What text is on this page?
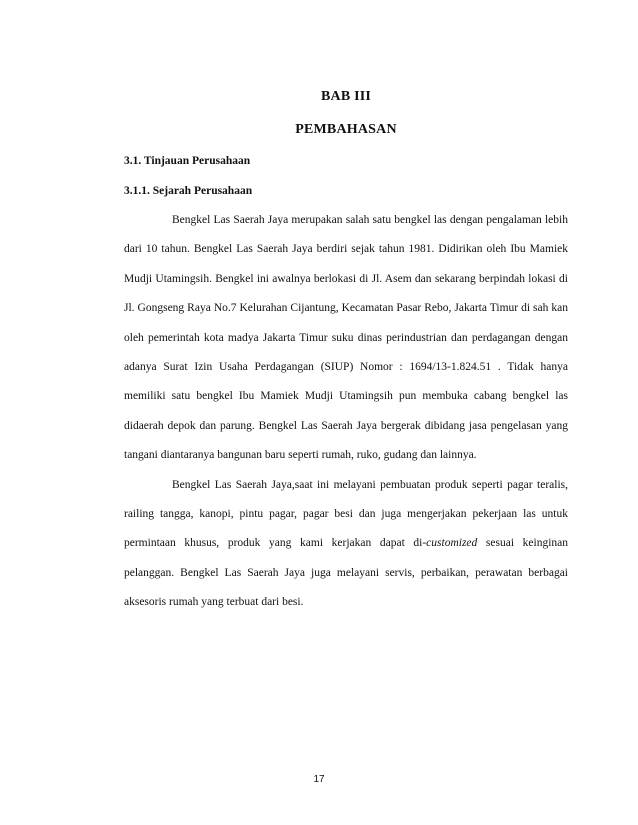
BAB III
PEMBAHASAN
3.1. Tinjauan Perusahaan
3.1.1. Sejarah Perusahaan

Bengkel Las Saerah Jaya merupakan salah satu bengkel las dengan pengalaman lebih dari 10 tahun. Bengkel Las Saerah Jaya berdiri sejak tahun 1981. Didirikan oleh Ibu Mamiek Mudji Utamingsih. Bengkel ini awalnya berlokasi di Jl. Asem dan sekarang berpindah lokasi di Jl. Gongseng Raya No.7 Kelurahan Cijantung, Kecamatan Pasar Rebo, Jakarta Timur di sah kan oleh pemerintah kota madya Jakarta Timur suku dinas perindustrian dan perdagangan dengan adanya Surat Izin Usaha Perdagangan (SIUP) Nomor : 1694/13-1.824.51 . Tidak hanya memiliki satu bengkel Ibu Mamiek Mudji Utamingsih pun membuka cabang bengkel las didaerah depok dan parung. Bengkel Las Saerah Jaya bergerak dibidang jasa pengelasan yang tangani diantaranya bangunan baru seperti rumah, ruko, gudang dan lainnya.

Bengkel Las Saerah Jaya,saat ini melayani pembuatan produk seperti pagar teralis, railing tangga, kanopi, pintu pagar, pagar besi dan juga mengerjakan pekerjaan las untuk permintaan khusus, produk yang kami kerjakan dapat di-customized sesuai keinginan pelanggan. Bengkel Las Saerah Jaya juga melayani servis, perbaikan, perawatan berbagai aksesoris rumah yang terbuat dari besi.

17
